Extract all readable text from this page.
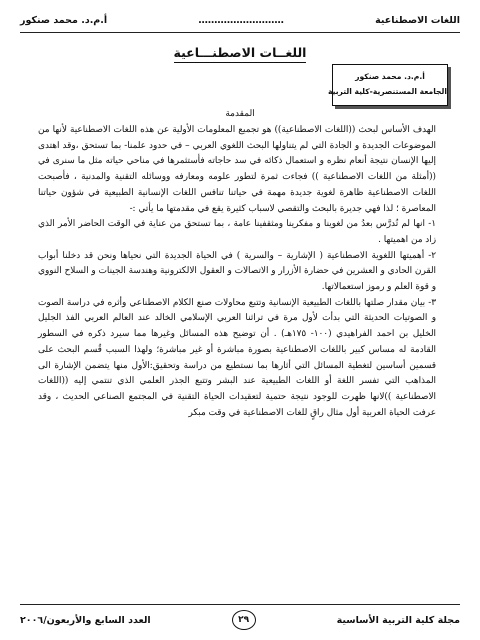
اللغات الاصطناعية
………………………
أ.م.د. محمد صنكور
اللغــات الاصطنـــاعية
أ.م.د. محمد صنكور
الجامعة المستنصرية-كلية التربية
المقدمة

الهدف الأساس لبحث ((اللغات الاصطناعية)) هو تجميع المعلومات الأولية عن هذه اللغات الاصطناعية لأنها من الموضوعات الجديدة و الجادة التي لم يتناولها البحث اللغوي العربي – في حدود علمنا- بما تستحق ،وقد اهتدى إليها الإنسان نتيجة أنعام نظره و استعمال ذكائه في سد حاجاته فأستثمرها في مناحي حياته مثل ما سنرى في ((أمثلة من اللغات الاصطناعية )) فجاءت ثمرة لتطور علومه ومعارفه ووسائله التقنية والمدنية ، فأصبحت اللغات الاصطناعية ظاهرة لغوية جديدة مهمة في حياتنا تنافس اللغات الإنسانية الطبيعية في شؤون حياتنا المعاصرة ؛ لذا فهي جديرة بالبحث والتقصي لاسباب كثيرة يقع في مقدمتها ما يأتي :-

١- انها لم تُدرَّس بعدُ من لغوينا و مفكرينا ومثقفينا عامة ، بما تستحق من عناية في الوقت الحاضر الأمر الذي زاد من اهميتها .

٢- أهميتها اللغوية الاصطناعية ( الإشارية – والسرية ) في الحياة الجديدة التي نحياها ونحن قد دخلنا أبواب القرن الحادي و العشرين في حضارة الأزرار و الاتصالات و العقول الالكترونية وهندسة الجينات و السلاح النووي و قوة العلم و رموز استعمالاتها.

٣- بيان مقدار صلتها باللغات الطبيعية الإنسانية وتتبع محاولات صنع الكلام الاصطناعي وأثره في دراسة الصوت و الصوتيات الحديثة التي بدأت لأول مرة في تراثنا العربي الإسلامي الخالد عند العالم العربي الفذ الجليل الخليل بن احمد الفراهيدي (١٠٠- ١٧٥هـ) . أن توضيح هذه المسائل وغيرها مما سيرد ذكره في السطور القادمة له مساس كبير باللغات الاصطناعية بصورة مباشرة أو غير مباشرة؛ ولهذا السبب قُسم البحث على قسمين أساسين لتغطية المسائل التي أثارها بما نستطيع من دراسة وتحقيق:الأول منها يتضمن الإشارة الى المذاهب التي تفسر اللغة أو اللغات الطبيعية عند البشر وتتبع الجذر العلمي الذي تنتمي إليه ((اللغات الاصطناعية ))لانها ظهرت للوجود نتيجة حتمية لتعقيدات الحياة التقنية في المجتمع الصناعي الحديث ، وقد عرفت الحياة العربية أول مثال راقٍ للغات الاصطناعية في وقت مبكر

مجلة كلية التربية الأساسية
٢٩
العدد السابع والأربعون/٢٠٠٦
